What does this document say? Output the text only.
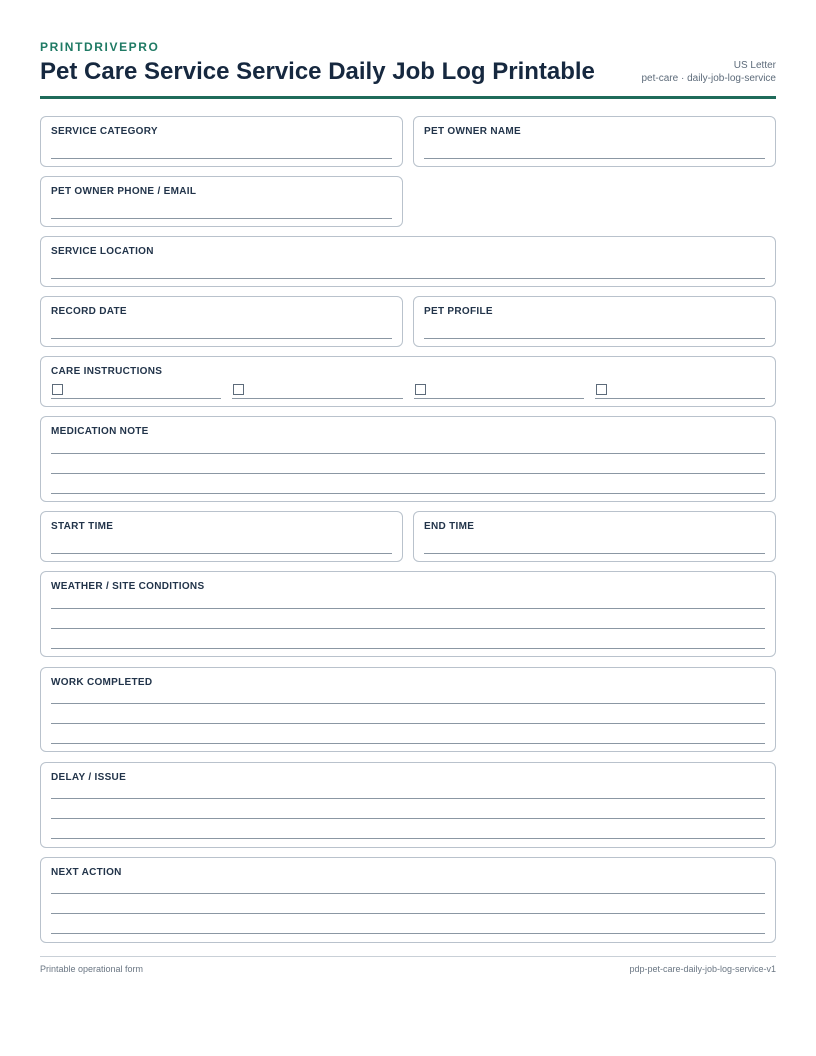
PRINTDRIVEPRO
Pet Care Service Service Daily Job Log Printable	US Letter
pet-care · daily-job-log-service
SERVICE CATEGORY	PET OWNER NAME
PET OWNER PHONE / EMAIL
SERVICE LOCATION
RECORD DATE	PET PROFILE
CARE INSTRUCTIONS
MEDICATION NOTE
START TIME	END TIME
WEATHER / SITE CONDITIONS
WORK COMPLETED
DELAY / ISSUE
NEXT ACTION
Printable operational form	pdp-pet-care-daily-job-log-service-v1
